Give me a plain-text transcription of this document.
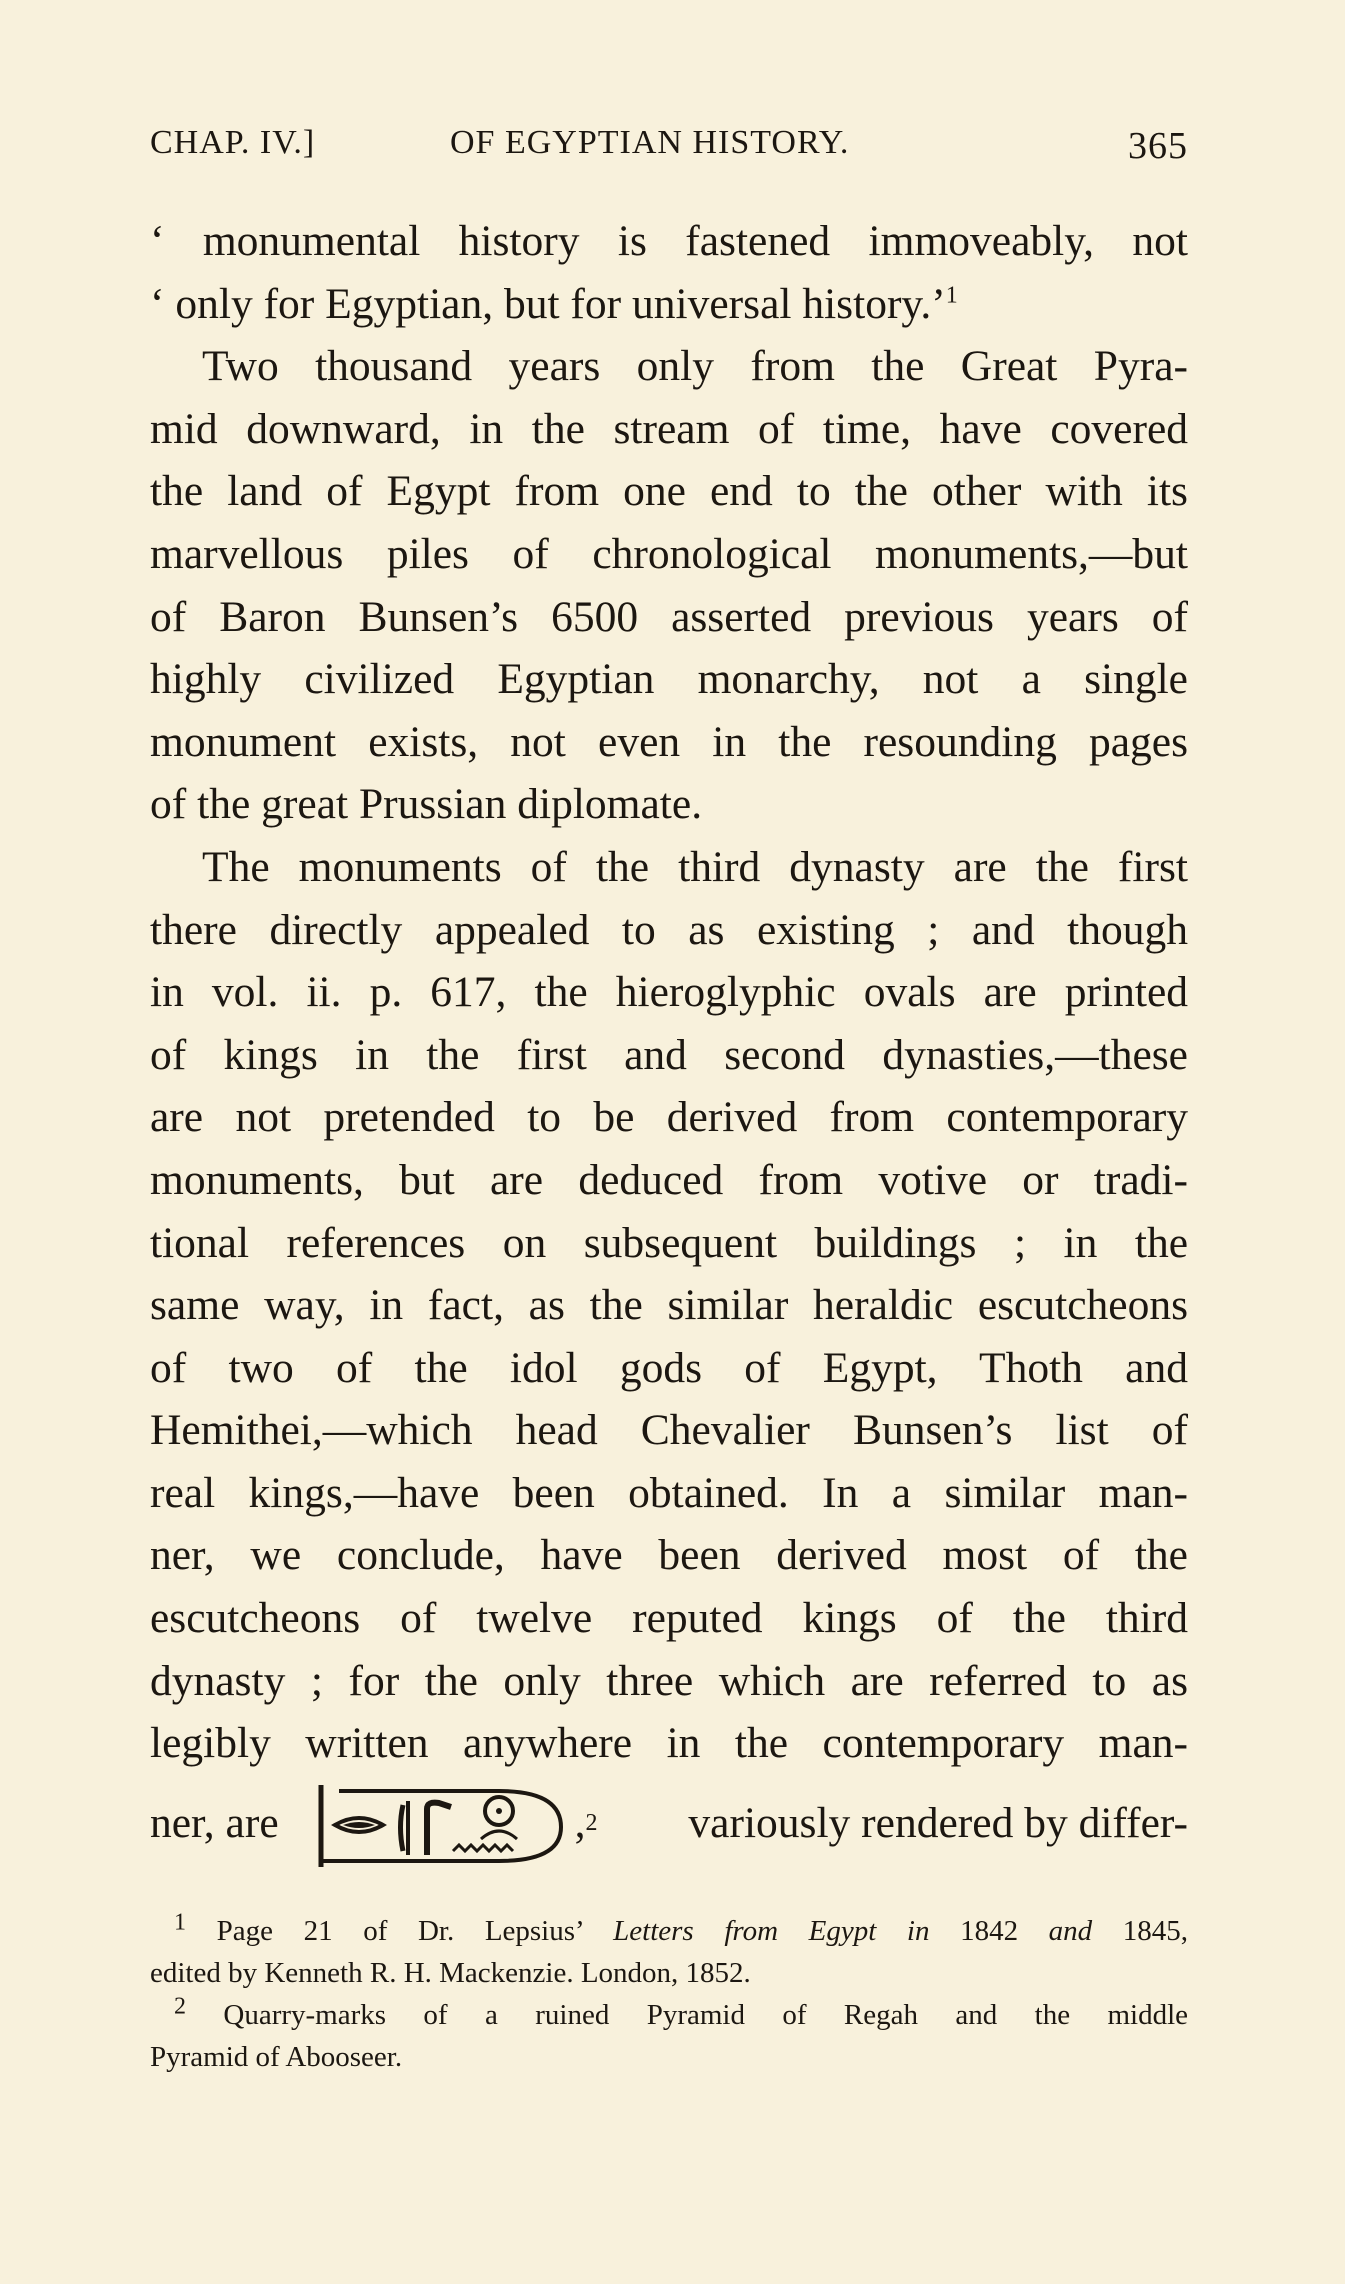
CHAP. IV.]	OF EGYPTIAN HISTORY.	365
‘ monumental history is fastened immoveably, not
‘ only for Egyptian, but for universal history.’$^1$
Two thousand years only from the Great Pyra-
mid downward, in the stream of time, have covered
the land of Egypt from one end to the other with its
marvellous piles of chronological monuments,—but
of Baron Bunsen’s 6500 asserted previous years of
highly civilized Egyptian monarchy, not a single
monument exists, not even in the resounding pages
of the great Prussian diplomate.
The monuments of the third dynasty are the first
there directly appealed to as existing ; and though
in vol. ii. p. 617, the hieroglyphic ovals are printed
of kings in the first and second dynasties,—these
are not pretended to be derived from contemporary
monuments, but are deduced from votive or tradi-
tional references on subsequent buildings ; in the
same way, in fact, as the similar heraldic escutcheons
of two of the idol gods of Egypt, Thoth and
Hemithei,—which head Chevalier Bunsen’s list of
real kings,—have been obtained. In a similar man-
ner, we conclude, have been derived most of the
escutcheons of twelve reputed kings of the third
dynasty ; for the only three which are referred to as
legibly written anywhere in the contemporary man-
ner, are	, 2 variously rendered by differ-
$^1$ Page 21 of Dr. Lepsius’ Letters from Egypt in 1842 and 1845,
edited by Kenneth R. H. Mackenzie. London, 1852.
$^2$ Quarry-marks of a ruined Pyramid of Regah and the middle
Pyramid of Abooseer.
